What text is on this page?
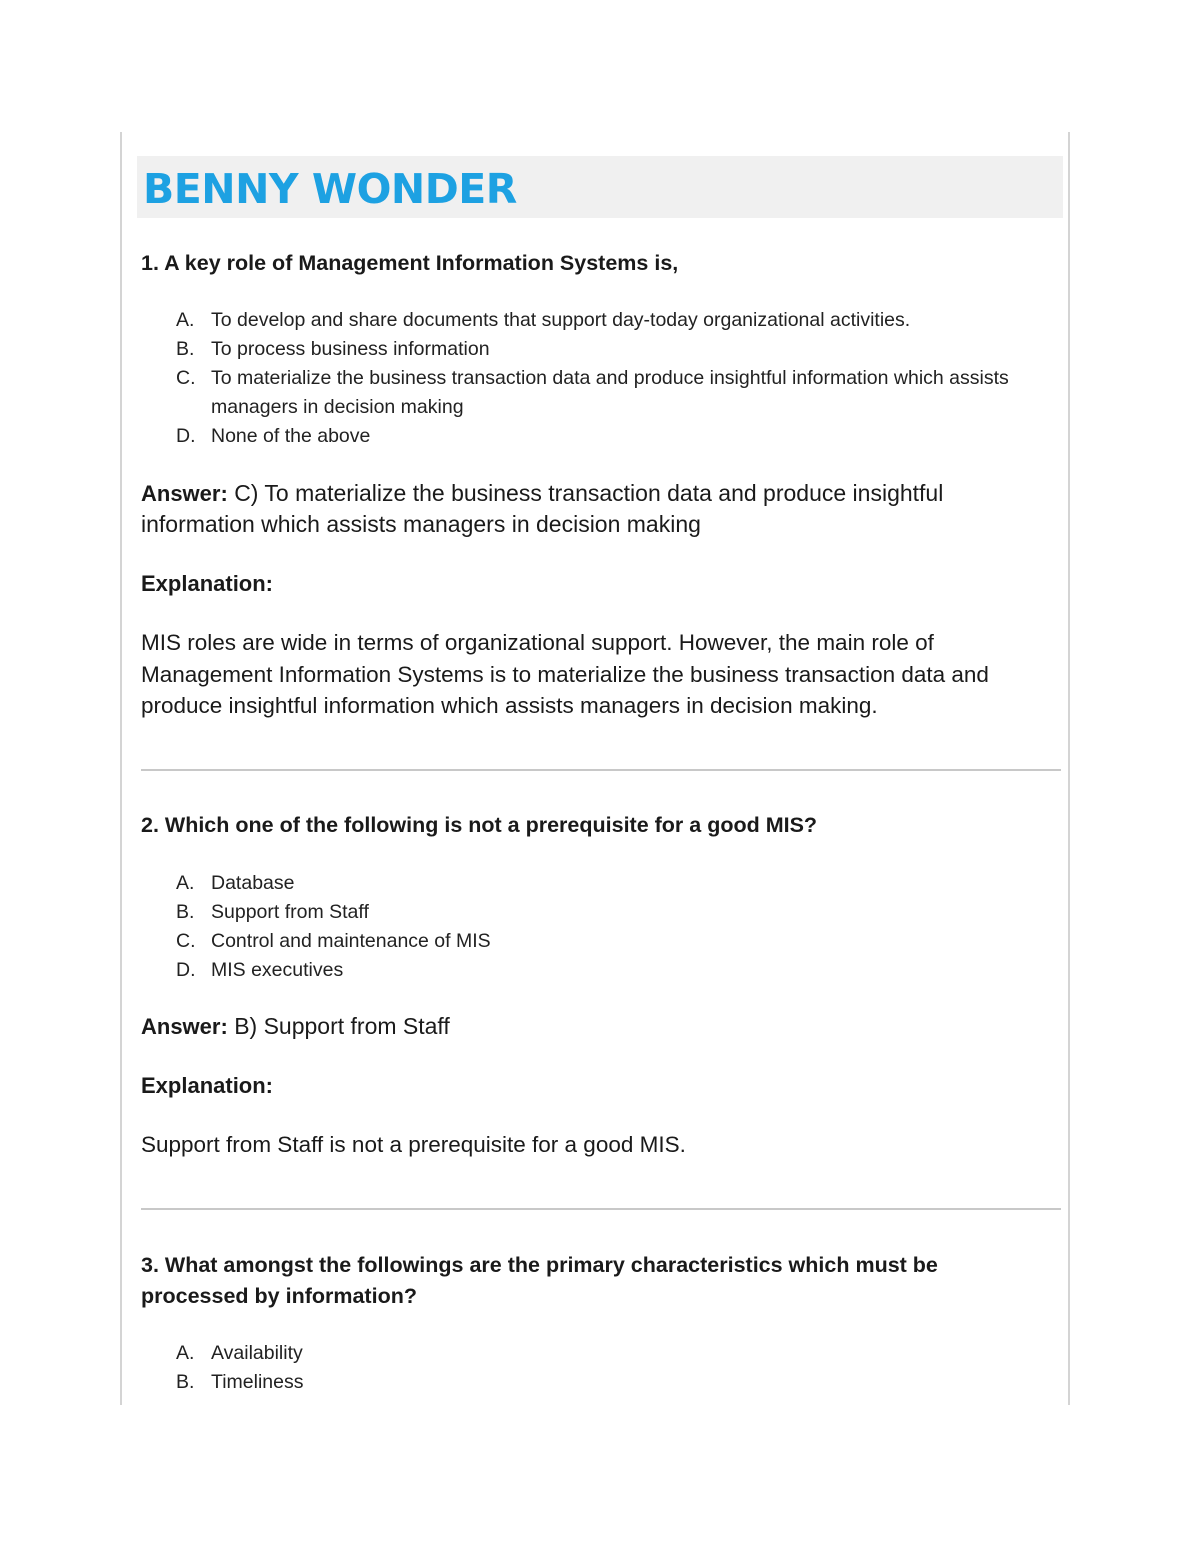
BENNY WONDER
1. A key role of Management Information Systems is,
A. To develop and share documents that support day-today organizational activities.
B. To process business information
C. To materialize the business transaction data and produce insightful information which assists managers in decision making
D. None of the above
Answer: C) To materialize the business transaction data and produce insightful information which assists managers in decision making
Explanation:
MIS roles are wide in terms of organizational support. However, the main role of Management Information Systems is to materialize the business transaction data and produce insightful information which assists managers in decision making.
2. Which one of the following is not a prerequisite for a good MIS?
A. Database
B. Support from Staff
C. Control and maintenance of MIS
D. MIS executives
Answer: B) Support from Staff
Explanation:
Support from Staff is not a prerequisite for a good MIS.
3. What amongst the followings are the primary characteristics which must be processed by information?
A. Availability
B. Timeliness
